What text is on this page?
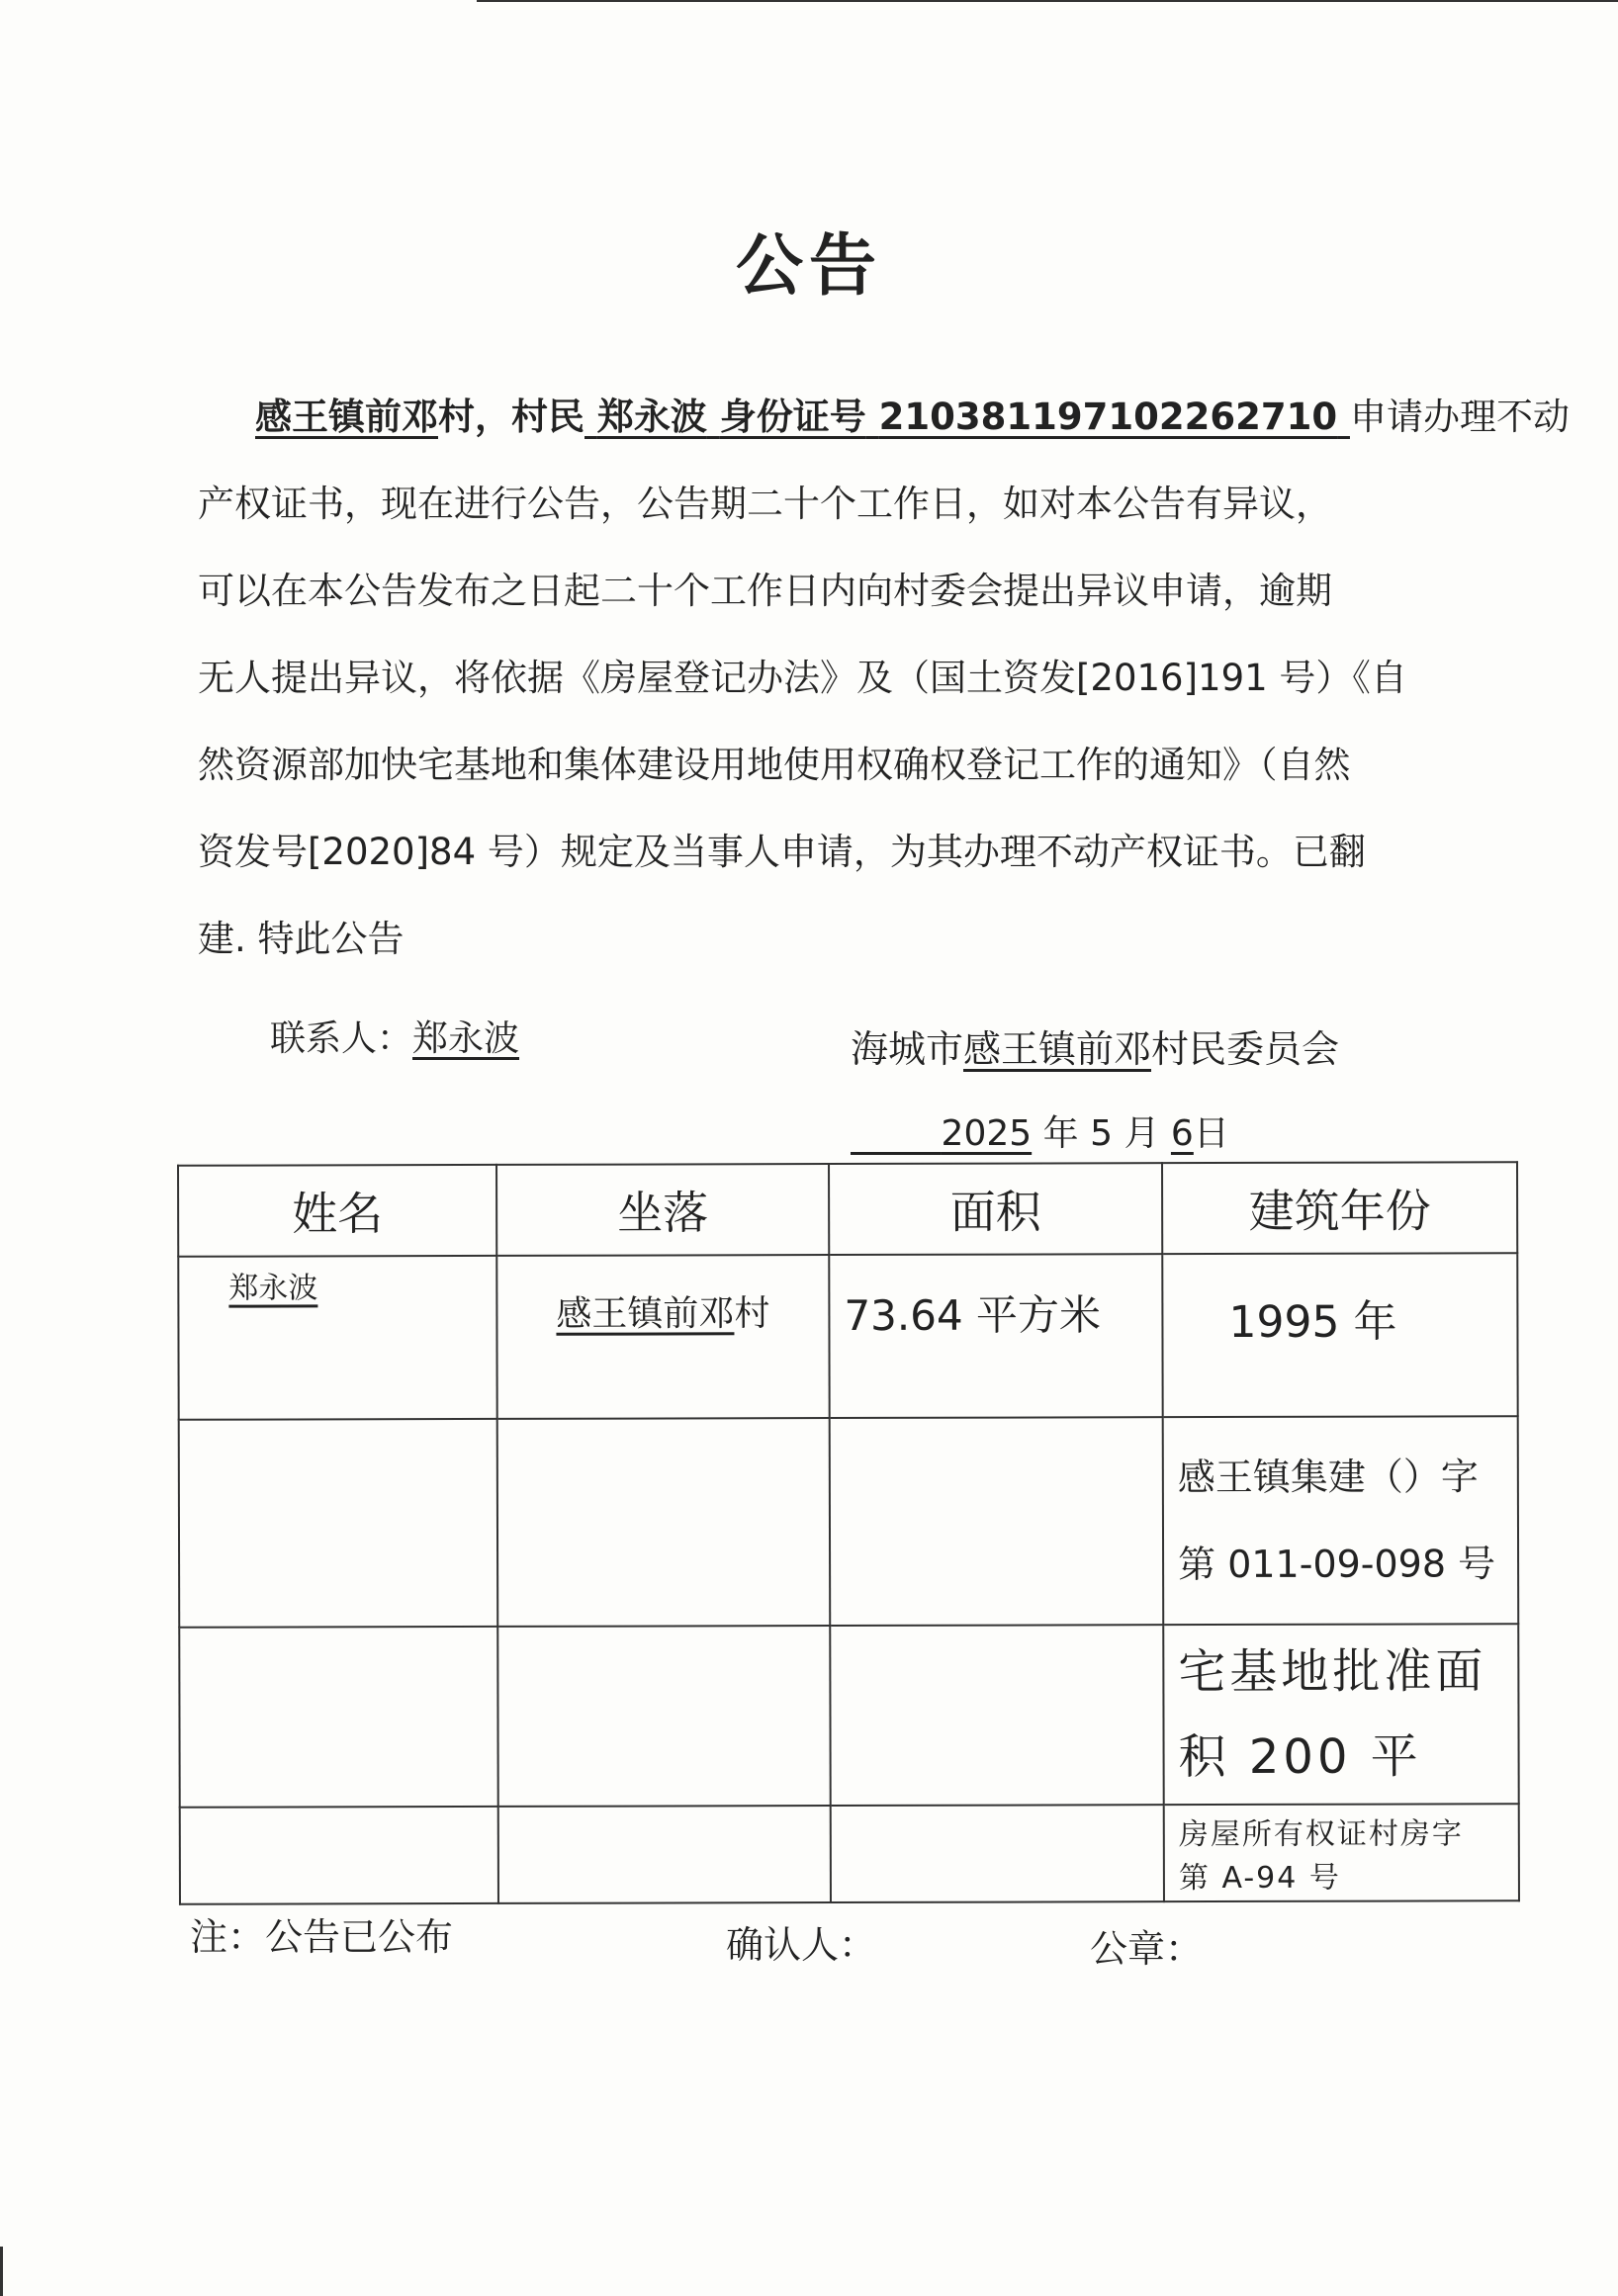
公告
感王镇前邓村，村民 郑永波 身份证号 210381197102262710 申请办理不动
产权证书，现在进行公告，公告期二十个工作日，如对本公告有异议，
可以在本公告发布之日起二十个工作日内向村委会提出异议申请，逾期
无人提出异议，将依据《房屋登记办法》及（国土资发[2016]191 号）《自
然资源部加快宅基地和集体建设用地使用权确权登记工作的通知》（自然
资发号[2020]84 号）规定及当事人申请，为其办理不动产权证书。已翻
建. 特此公告
联系人：郑永波	海城市感王镇前邓村民委员会
2025 年 5 月 6日
姓名	坐落	面积	建筑年份
郑永波	感王镇前邓村	73.64 平方米	1995 年

			感王镇集建（）字
第 011-09-098 号

			宅基地批准面
积 200 平

			房屋所有权证村房字
第 A-94 号
注：公告已公布	确认人：	公章：
